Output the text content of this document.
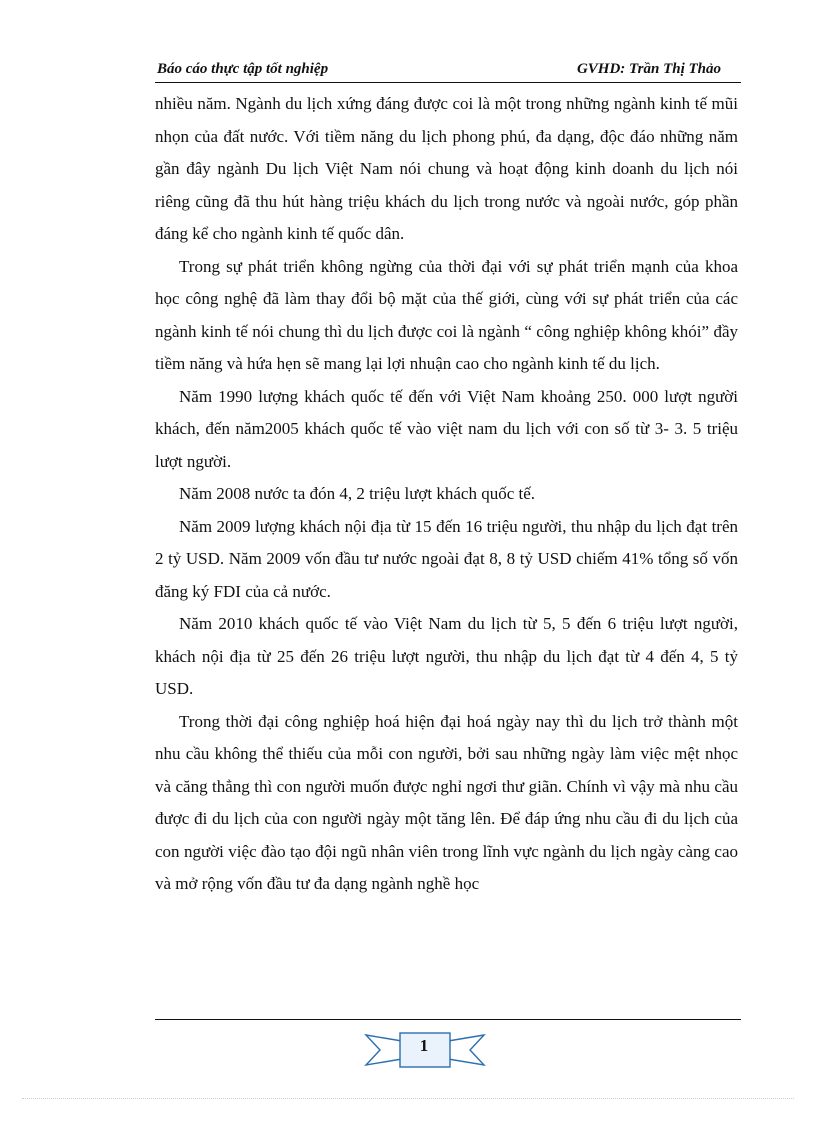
Báo cáo thực tập tốt nghiệp	GVHD: Trần Thị Thảo

nhiều năm. Ngành du lịch xứng đáng được coi là một trong những ngành kinh tế mũi nhọn của đất nước. Với tiềm năng du lịch phong phú, đa dạng, độc đáo những năm gần đây ngành Du lịch Việt Nam nói chung và hoạt động kinh doanh du lịch nói riêng cũng đã thu hút hàng triệu khách du lịch trong nước và ngoài nước, góp phần đáng kể cho ngành kinh tế quốc dân.

Trong sự phát triển không ngừng của thời đại với sự phát triển mạnh của khoa học công nghệ đã làm thay đổi bộ mặt của thế giới, cùng với sự phát triển của các ngành kinh tế nói chung thì du lịch được coi là ngành “ công nghiệp không khói” đầy tiềm năng và hứa hẹn sẽ mang lại lợi nhuận cao cho ngành kinh tế du lịch.

Năm 1990 lượng khách quốc tế đến với Việt Nam khoảng 250. 000 lượt người khách, đến năm2005 khách quốc tế vào việt nam du lịch với con số từ 3- 3. 5 triệu lượt người.

Năm 2008 nước ta đón 4, 2 triệu lượt khách quốc tế.

Năm 2009 lượng khách nội địa từ 15 đến 16 triệu người, thu nhập du lịch đạt trên 2 tỷ USD. Năm 2009 vốn đầu tư nước ngoài đạt 8, 8 tỷ USD chiếm 41% tổng số vốn đăng ký FDI của cả nước.

Năm 2010 khách quốc tế vào Việt Nam du lịch từ 5, 5 đến 6 triệu lượt người, khách nội địa từ 25 đến 26 triệu lượt người, thu nhập du lịch đạt từ 4 đến 4, 5 tỷ USD.

Trong thời đại công nghiệp hoá hiện đại hoá ngày nay thì du lịch trở thành một nhu cầu không thể thiếu của mỗi con người, bởi sau những ngày làm việc mệt nhọc và căng thẳng thì con người muốn được nghỉ ngơi thư giãn. Chính vì vậy mà nhu cầu được đi du lịch của con người ngày một tăng lên. Để đáp ứng nhu cầu đi du lịch của con người việc đào tạo đội ngũ nhân viên trong lĩnh vực ngành du lịch ngày càng cao và mở rộng vốn đầu tư đa dạng ngành nghề học

1
